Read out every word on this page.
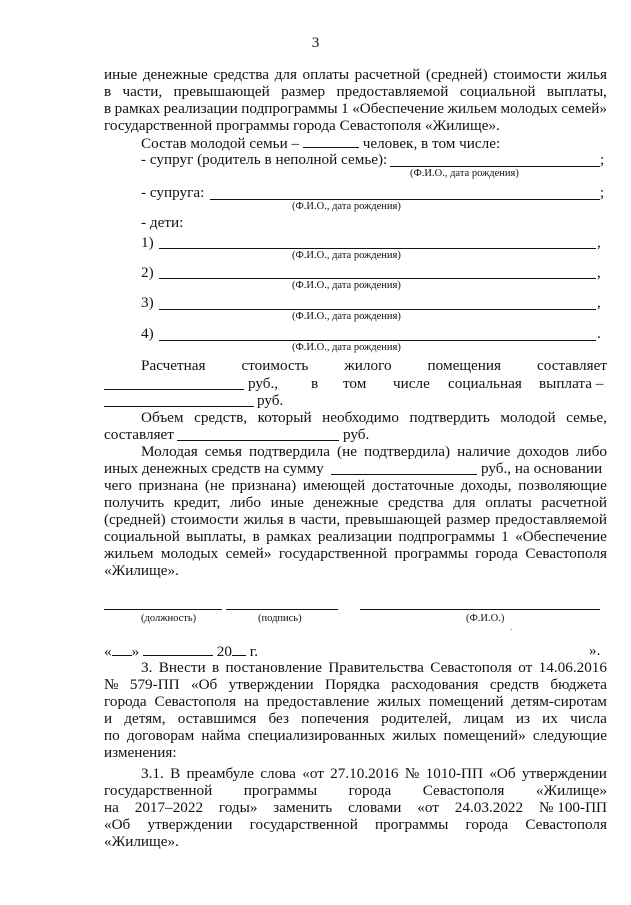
3
иные денежные средства для оплаты расчетной (средней) стоимости жилья
в части, превышающей размер предоставляемой социальной выплаты,
в рамках реализации подпрограммы 1 «Обеспечение жильем молодых семей»
государственной программы города Севастополя «Жилище».
Состав молодой семьи –	человек, в том числе:
- супруг (родитель в неполной семье):	;
(Ф.И.О., дата рождения)
- супруга:	;
(Ф.И.О., дата рождения)
- дети:
1)	,
(Ф.И.О., дата рождения)
2)	,
(Ф.И.О., дата рождения)
3)	,
(Ф.И.О., дата рождения)
4)	.
(Ф.И.О., дата рождения)
Расчетная стоимость жилого помещения составляет
руб., в том числе социальная выплата –
руб.
Объем средств, который необходимо подтвердить молодой семье,
составляет	руб.
Молодая семья подтвердила (не подтвердила) наличие доходов либо
иных денежных средств на сумму	руб., на основании
чего признана (не признана) имеющей достаточные доходы, позволяющие
получить кредит, либо иные денежные средства для оплаты расчетной
(средней) стоимости жилья в части, превышающей размер предоставляемой
социальной выплаты, в рамках реализации подпрограммы 1 «Обеспечение
жильем молодых семей» государственной программы города Севастополя
«Жилище».
(должность)	(подпись)	(Ф.И.О.)
.
« »	20 г.	».
3. Внести в постановление Правительства Севастополя от 14.06.2016
№ 579-ПП «Об утверждении Порядка расходования средств бюджета
города Севастополя на предоставление жилых помещений детям-сиротам
и детям, оставшимся без попечения родителей, лицам из их числа
по договорам найма специализированных жилых помещений» следующие
изменения:
3.1. В преамбуле слова «от 27.10.2016 № 1010-ПП «Об утверждении
государственной программы города Севастополя «Жилище»
на 2017–2022 годы» заменить словами «от 24.03.2022 № 100-ПП
«Об утверждении государственной программы города Севастополя
«Жилище».
